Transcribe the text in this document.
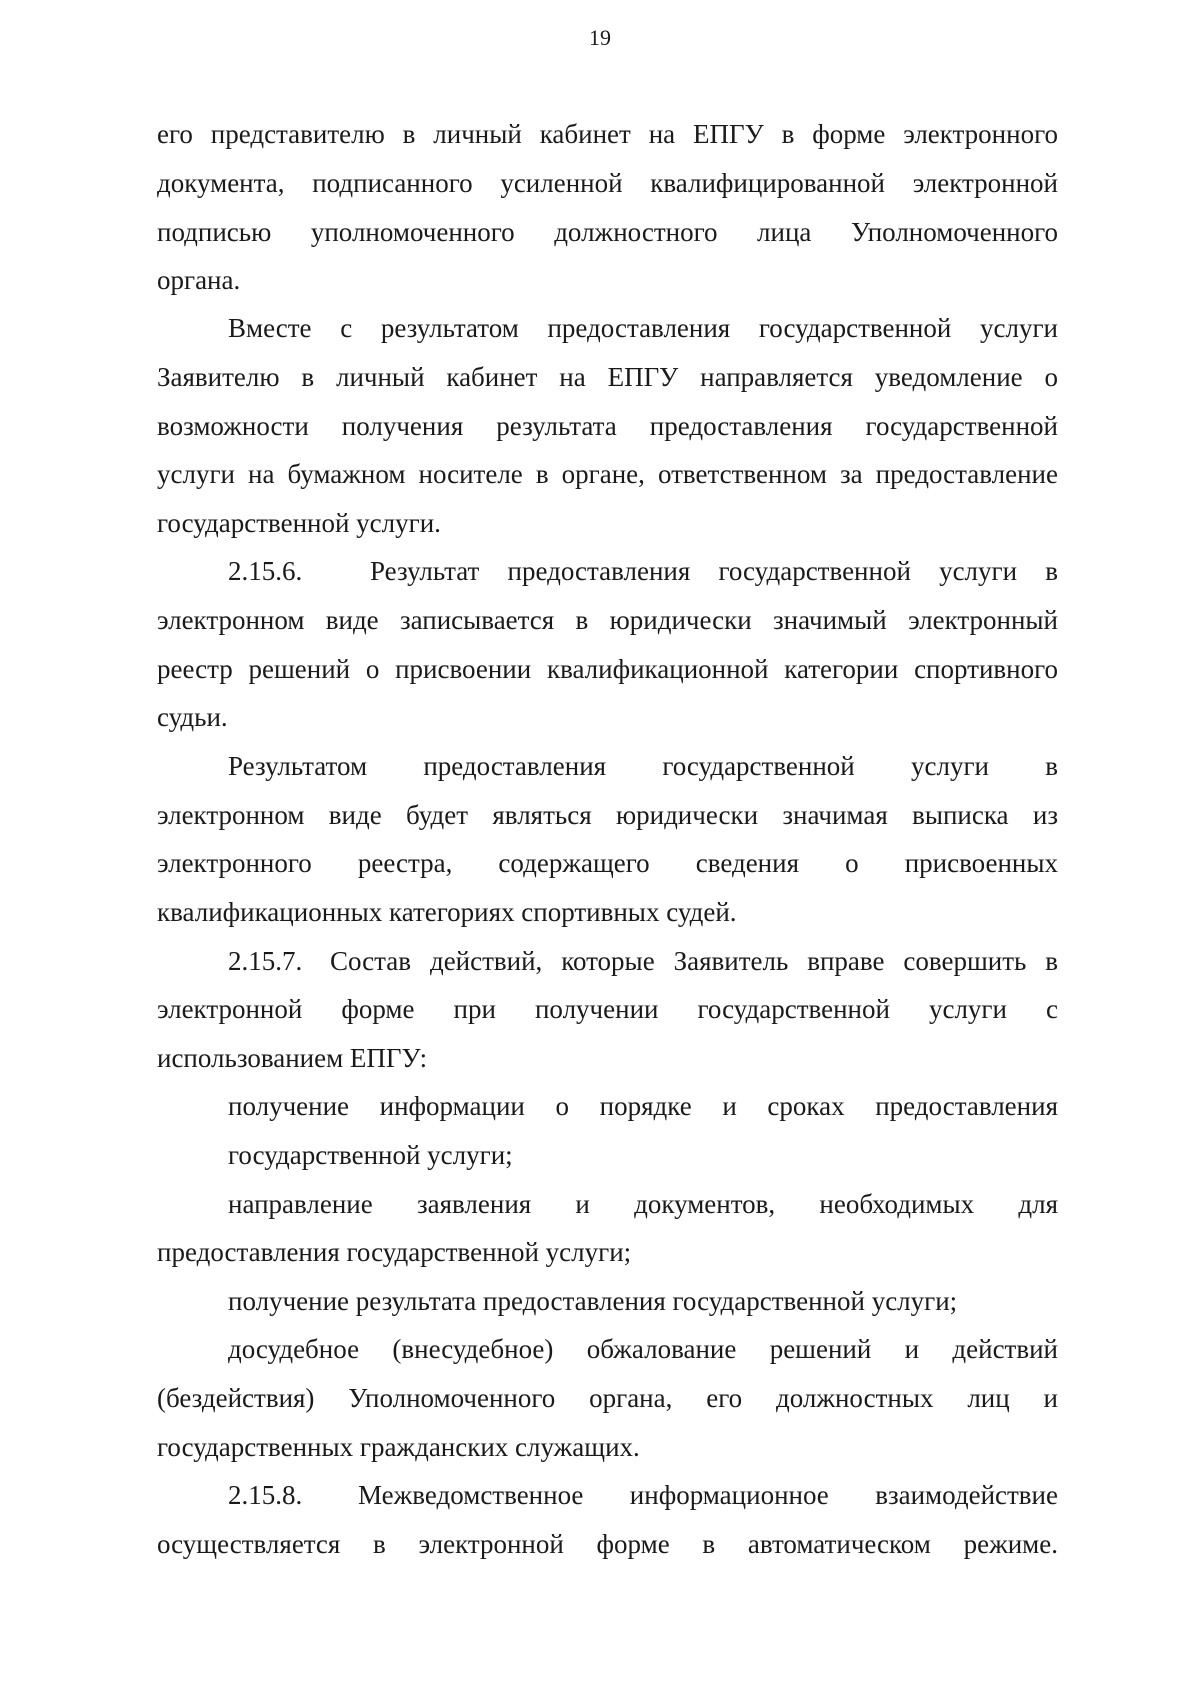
19
его представителю в личный кабинет на ЕПГУ в форме электронного
документа, подписанного усиленной квалифицированной электронной
подписью уполномоченного должностного лица Уполномоченного
органа.
Вместе с результатом предоставления государственной услуги
Заявителю в личный кабинет на ЕПГУ направляется уведомление о
возможности получения результата предоставления государственной
услуги на бумажном носителе в органе, ответственном за предоставление
государственной услуги.
2.15.6.	Результат предоставления государственной услуги в
электронном виде записывается в юридически значимый электронный
реестр решений о присвоении квалификационной категории спортивного
судьи.
Результатом предоставления государственной услуги в
электронном виде будет являться юридически значимая выписка из
электронного реестра, содержащего сведения о присвоенных
квалификационных категориях спортивных судей.
2.15.7.	Состав действий, которые Заявитель вправе совершить в
электронной форме при получении государственной услуги с
использованием ЕПГУ:
получение информации о порядке и сроках предоставления
государственной услуги;
направление заявления и документов, необходимых для
предоставления государственной услуги;
получение результата предоставления государственной услуги;
досудебное (внесудебное) обжалование решений и действий
(бездействия) Уполномоченного органа, его должностных лиц и
государственных гражданских служащих.
2.15.8.	Межведомственное информационное взаимодействие
осуществляется в электронной форме в автоматическом режиме.
